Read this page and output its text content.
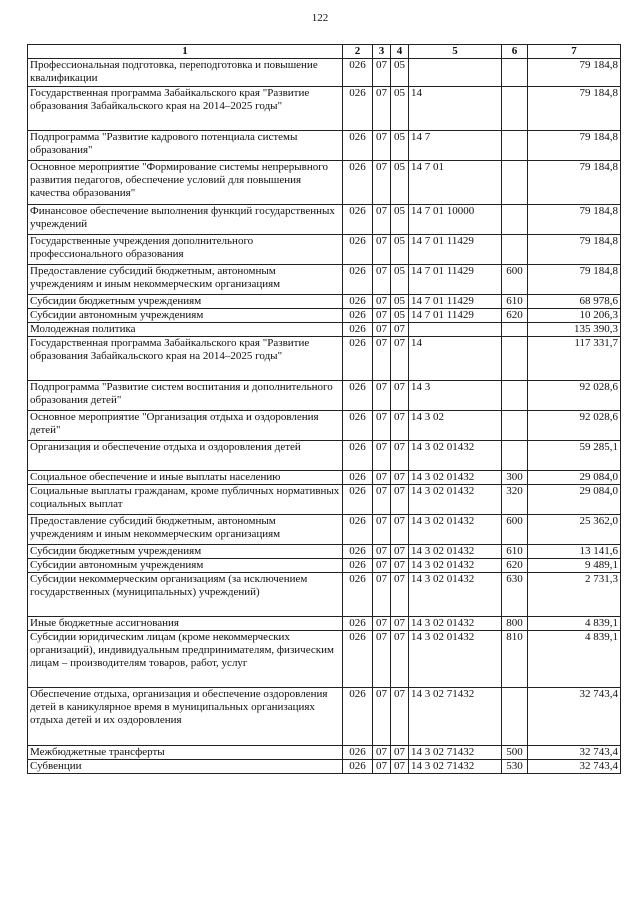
122
1	2	3	4	5	6	7
Профессиональная подготовка, переподготовка и повышение квалификации	026	07	05			79 184,8
Государственная программа Забайкальского края "Развитие образования Забайкальского края на 2014–2025 годы"	026	07	05	14		79 184,8
Подпрограмма "Развитие кадрового потенциала системы образования"	026	07	05	14 7		79 184,8
Основное мероприятие "Формирование системы непрерывного развития педагогов, обеспечение условий для повышения качества образования"	026	07	05	14 7 01		79 184,8
Финансовое обеспечение выполнения функций государственных учреждений	026	07	05	14 7 01 10000		79 184,8
Государственные учреждения дополнительного профессионального образования	026	07	05	14 7 01 11429		79 184,8
Предоставление субсидий бюджетным, автономным учреждениям и иным некоммерческим организациям	026	07	05	14 7 01 11429	600	79 184,8
Субсидии бюджетным учреждениям	026	07	05	14 7 01 11429	610	68 978,6
Субсидии автономным учреждениям	026	07	05	14 7 01 11429	620	10 206,3
Молодежная политика	026	07	07			135 390,3
Государственная программа Забайкальского края "Развитие образования Забайкальского края на 2014–2025 годы"	026	07	07	14		117 331,7
Подпрограмма "Развитие систем воспитания и дополнительного образования детей"	026	07	07	14 3		92 028,6
Основное мероприятие "Организация отдыха и оздоровления детей"	026	07	07	14 3 02		92 028,6
Организация и обеспечение отдыха и оздоровления детей	026	07	07	14 3 02 01432		59 285,1
Социальное обеспечение и иные выплаты населению	026	07	07	14 3 02 01432	300	29 084,0
Социальные выплаты гражданам, кроме публичных нормативных социальных выплат	026	07	07	14 3 02 01432	320	29 084,0
Предоставление субсидий бюджетным, автономным учреждениям и иным некоммерческим организациям	026	07	07	14 3 02 01432	600	25 362,0
Субсидии бюджетным учреждениям	026	07	07	14 3 02 01432	610	13 141,6
Субсидии автономным учреждениям	026	07	07	14 3 02 01432	620	9 489,1
Субсидии некоммерческим организациям (за исключением государственных (муниципальных) учреждений)	026	07	07	14 3 02 01432	630	2 731,3
Иные бюджетные ассигнования	026	07	07	14 3 02 01432	800	4 839,1
Субсидии юридическим лицам (кроме некоммерческих организаций), индивидуальным предпринимателям, физическим лицам – производителям товаров, работ, услуг	026	07	07	14 3 02 01432	810	4 839,1
Обеспечение отдыха, организация и обеспечение оздоровления детей в каникулярное время в муниципальных организациях отдыха детей и их оздоровления	026	07	07	14 3 02 71432		32 743,4
Межбюджетные трансферты	026	07	07	14 3 02 71432	500	32 743,4
Субвенции	026	07	07	14 3 02 71432	530	32 743,4
